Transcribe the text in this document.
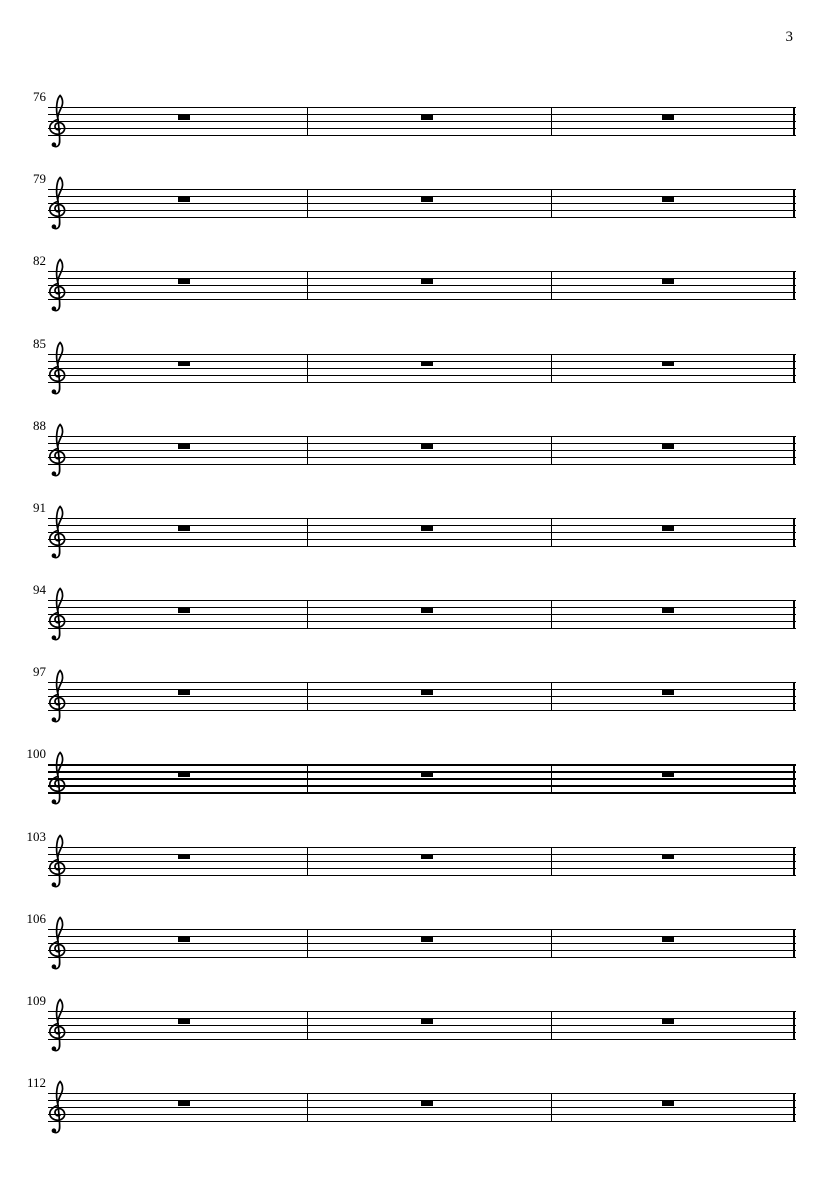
3
76
79
82
85
88
91
94
97
100
103
106
109
112
